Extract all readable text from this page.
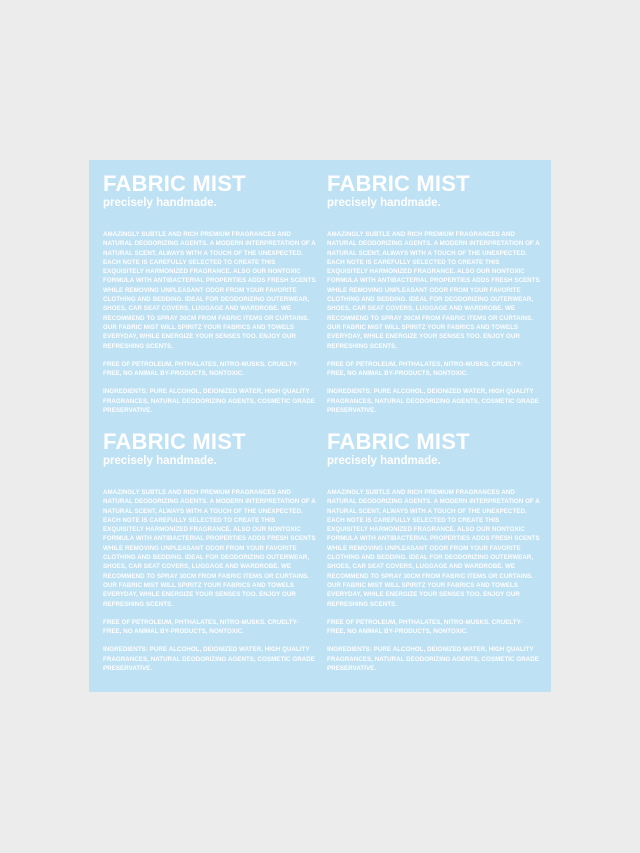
FABRIC MIST
precisely handmade.
AMAZINGLY SUBTLE AND RICH PREMIUM FRAGRANCES AND NATURAL DEODORIZING AGENTS. A MODERN INTERPRETATION OF A NATURAL SCENT, ALWAYS WITH A TOUCH OF THE UNEXPECTED. EACH NOTE IS CAREFULLY SELECTED TO CREATE THIS EXQUISITELY HARMONIZED FRAGRANCE. ALSO OUR NONTOXIC FORMULA WITH ANTIBACTERIAL PROPERTIES ADDS FRESH SCENTS WHILE REMOVING UNPLEASANT ODOR FROM YOUR FAVORITE CLOTHING AND BEDDING. IDEAL FOR DEODORIZING OUTERWEAR, SHOES, CAR SEAT COVERS, LUGGAGE AND WARDROBE. WE RECOMMEND TO SPRAY 30CM FROM FABRIC ITEMS OR CURTAINS. OUR FABRIC MIST WILL SPIRITZ YOUR FABRICS AND TOWELS EVERYDAY, WHILE ENERGIZE YOUR SENSES TOO. ENJOY OUR REFRESHING SCENTS.
FREE OF PETROLEUM, PHTHALATES, NITRO-MUSKS. CRUELTY-FREE, NO ANIMAL BY-PRODUCTS, NONTOXIC.
INGREDIENTS: PURE ALCOHOL, DEIONIZED WATER, HIGH QUALITY FRAGRANCES, NATURAL DEODORIZING AGENTS, COSMETIC GRADE PRESERVATIVE.
FABRIC MIST
precisely handmade.
AMAZINGLY SUBTLE AND RICH PREMIUM FRAGRANCES AND NATURAL DEODORIZING AGENTS. A MODERN INTERPRETATION OF A NATURAL SCENT, ALWAYS WITH A TOUCH OF THE UNEXPECTED. EACH NOTE IS CAREFULLY SELECTED TO CREATE THIS EXQUISITELY HARMONIZED FRAGRANCE. ALSO OUR NONTOXIC FORMULA WITH ANTIBACTERIAL PROPERTIES ADDS FRESH SCENTS WHILE REMOVING UNPLEASANT ODOR FROM YOUR FAVORITE CLOTHING AND BEDDING. IDEAL FOR DEODORIZING OUTERWEAR, SHOES, CAR SEAT COVERS, LUGGAGE AND WARDROBE. WE RECOMMEND TO SPRAY 30CM FROM FABRIC ITEMS OR CURTAINS. OUR FABRIC MIST WILL SPIRITZ YOUR FABRICS AND TOWELS EVERYDAY, WHILE ENERGIZE YOUR SENSES TOO. ENJOY OUR REFRESHING SCENTS.
FREE OF PETROLEUM, PHTHALATES, NITRO-MUSKS. CRUELTY-FREE, NO ANIMAL BY-PRODUCTS, NONTOXIC.
INGREDIENTS: PURE ALCOHOL, DEIONIZED WATER, HIGH QUALITY FRAGRANCES, NATURAL DEODORIZING AGENTS, COSMETIC GRADE PRESERVATIVE.
FABRIC MIST
precisely handmade.
AMAZINGLY SUBTLE AND RICH PREMIUM FRAGRANCES AND NATURAL DEODORIZING AGENTS. A MODERN INTERPRETATION OF A NATURAL SCENT, ALWAYS WITH A TOUCH OF THE UNEXPECTED. EACH NOTE IS CAREFULLY SELECTED TO CREATE THIS EXQUISITELY HARMONIZED FRAGRANCE. ALSO OUR NONTOXIC FORMULA WITH ANTIBACTERIAL PROPERTIES ADDS FRESH SCENTS WHILE REMOVING UNPLEASANT ODOR FROM YOUR FAVORITE CLOTHING AND BEDDING. IDEAL FOR DEODORIZING OUTERWEAR, SHOES, CAR SEAT COVERS, LUGGAGE AND WARDROBE. WE RECOMMEND TO SPRAY 30CM FROM FABRIC ITEMS OR CURTAINS. OUR FABRIC MIST WILL SPIRITZ YOUR FABRICS AND TOWELS EVERYDAY, WHILE ENERGIZE YOUR SENSES TOO. ENJOY OUR REFRESHING SCENTS.
FREE OF PETROLEUM, PHTHALATES, NITRO-MUSKS. CRUELTY-FREE, NO ANIMAL BY-PRODUCTS, NONTOXIC.
INGREDIENTS: PURE ALCOHOL, DEIONIZED WATER, HIGH QUALITY FRAGRANCES, NATURAL DEODORIZING AGENTS, COSMETIC GRADE PRESERVATIVE.
FABRIC MIST
precisely handmade.
AMAZINGLY SUBTLE AND RICH PREMIUM FRAGRANCES AND NATURAL DEODORIZING AGENTS. A MODERN INTERPRETATION OF A NATURAL SCENT, ALWAYS WITH A TOUCH OF THE UNEXPECTED. EACH NOTE IS CAREFULLY SELECTED TO CREATE THIS EXQUISITELY HARMONIZED FRAGRANCE. ALSO OUR NONTOXIC FORMULA WITH ANTIBACTERIAL PROPERTIES ADDS FRESH SCENTS WHILE REMOVING UNPLEASANT ODOR FROM YOUR FAVORITE CLOTHING AND BEDDING. IDEAL FOR DEODORIZING OUTERWEAR, SHOES, CAR SEAT COVERS, LUGGAGE AND WARDROBE. WE RECOMMEND TO SPRAY 30CM FROM FABRIC ITEMS OR CURTAINS. OUR FABRIC MIST WILL SPIRITZ YOUR FABRICS AND TOWELS EVERYDAY, WHILE ENERGIZE YOUR SENSES TOO. ENJOY OUR REFRESHING SCENTS.
FREE OF PETROLEUM, PHTHALATES, NITRO-MUSKS. CRUELTY-FREE, NO ANIMAL BY-PRODUCTS, NONTOXIC.
INGREDIENTS: PURE ALCOHOL, DEIONIZED WATER, HIGH QUALITY FRAGRANCES, NATURAL DEODORIZING AGENTS, COSMETIC GRADE PRESERVATIVE.
